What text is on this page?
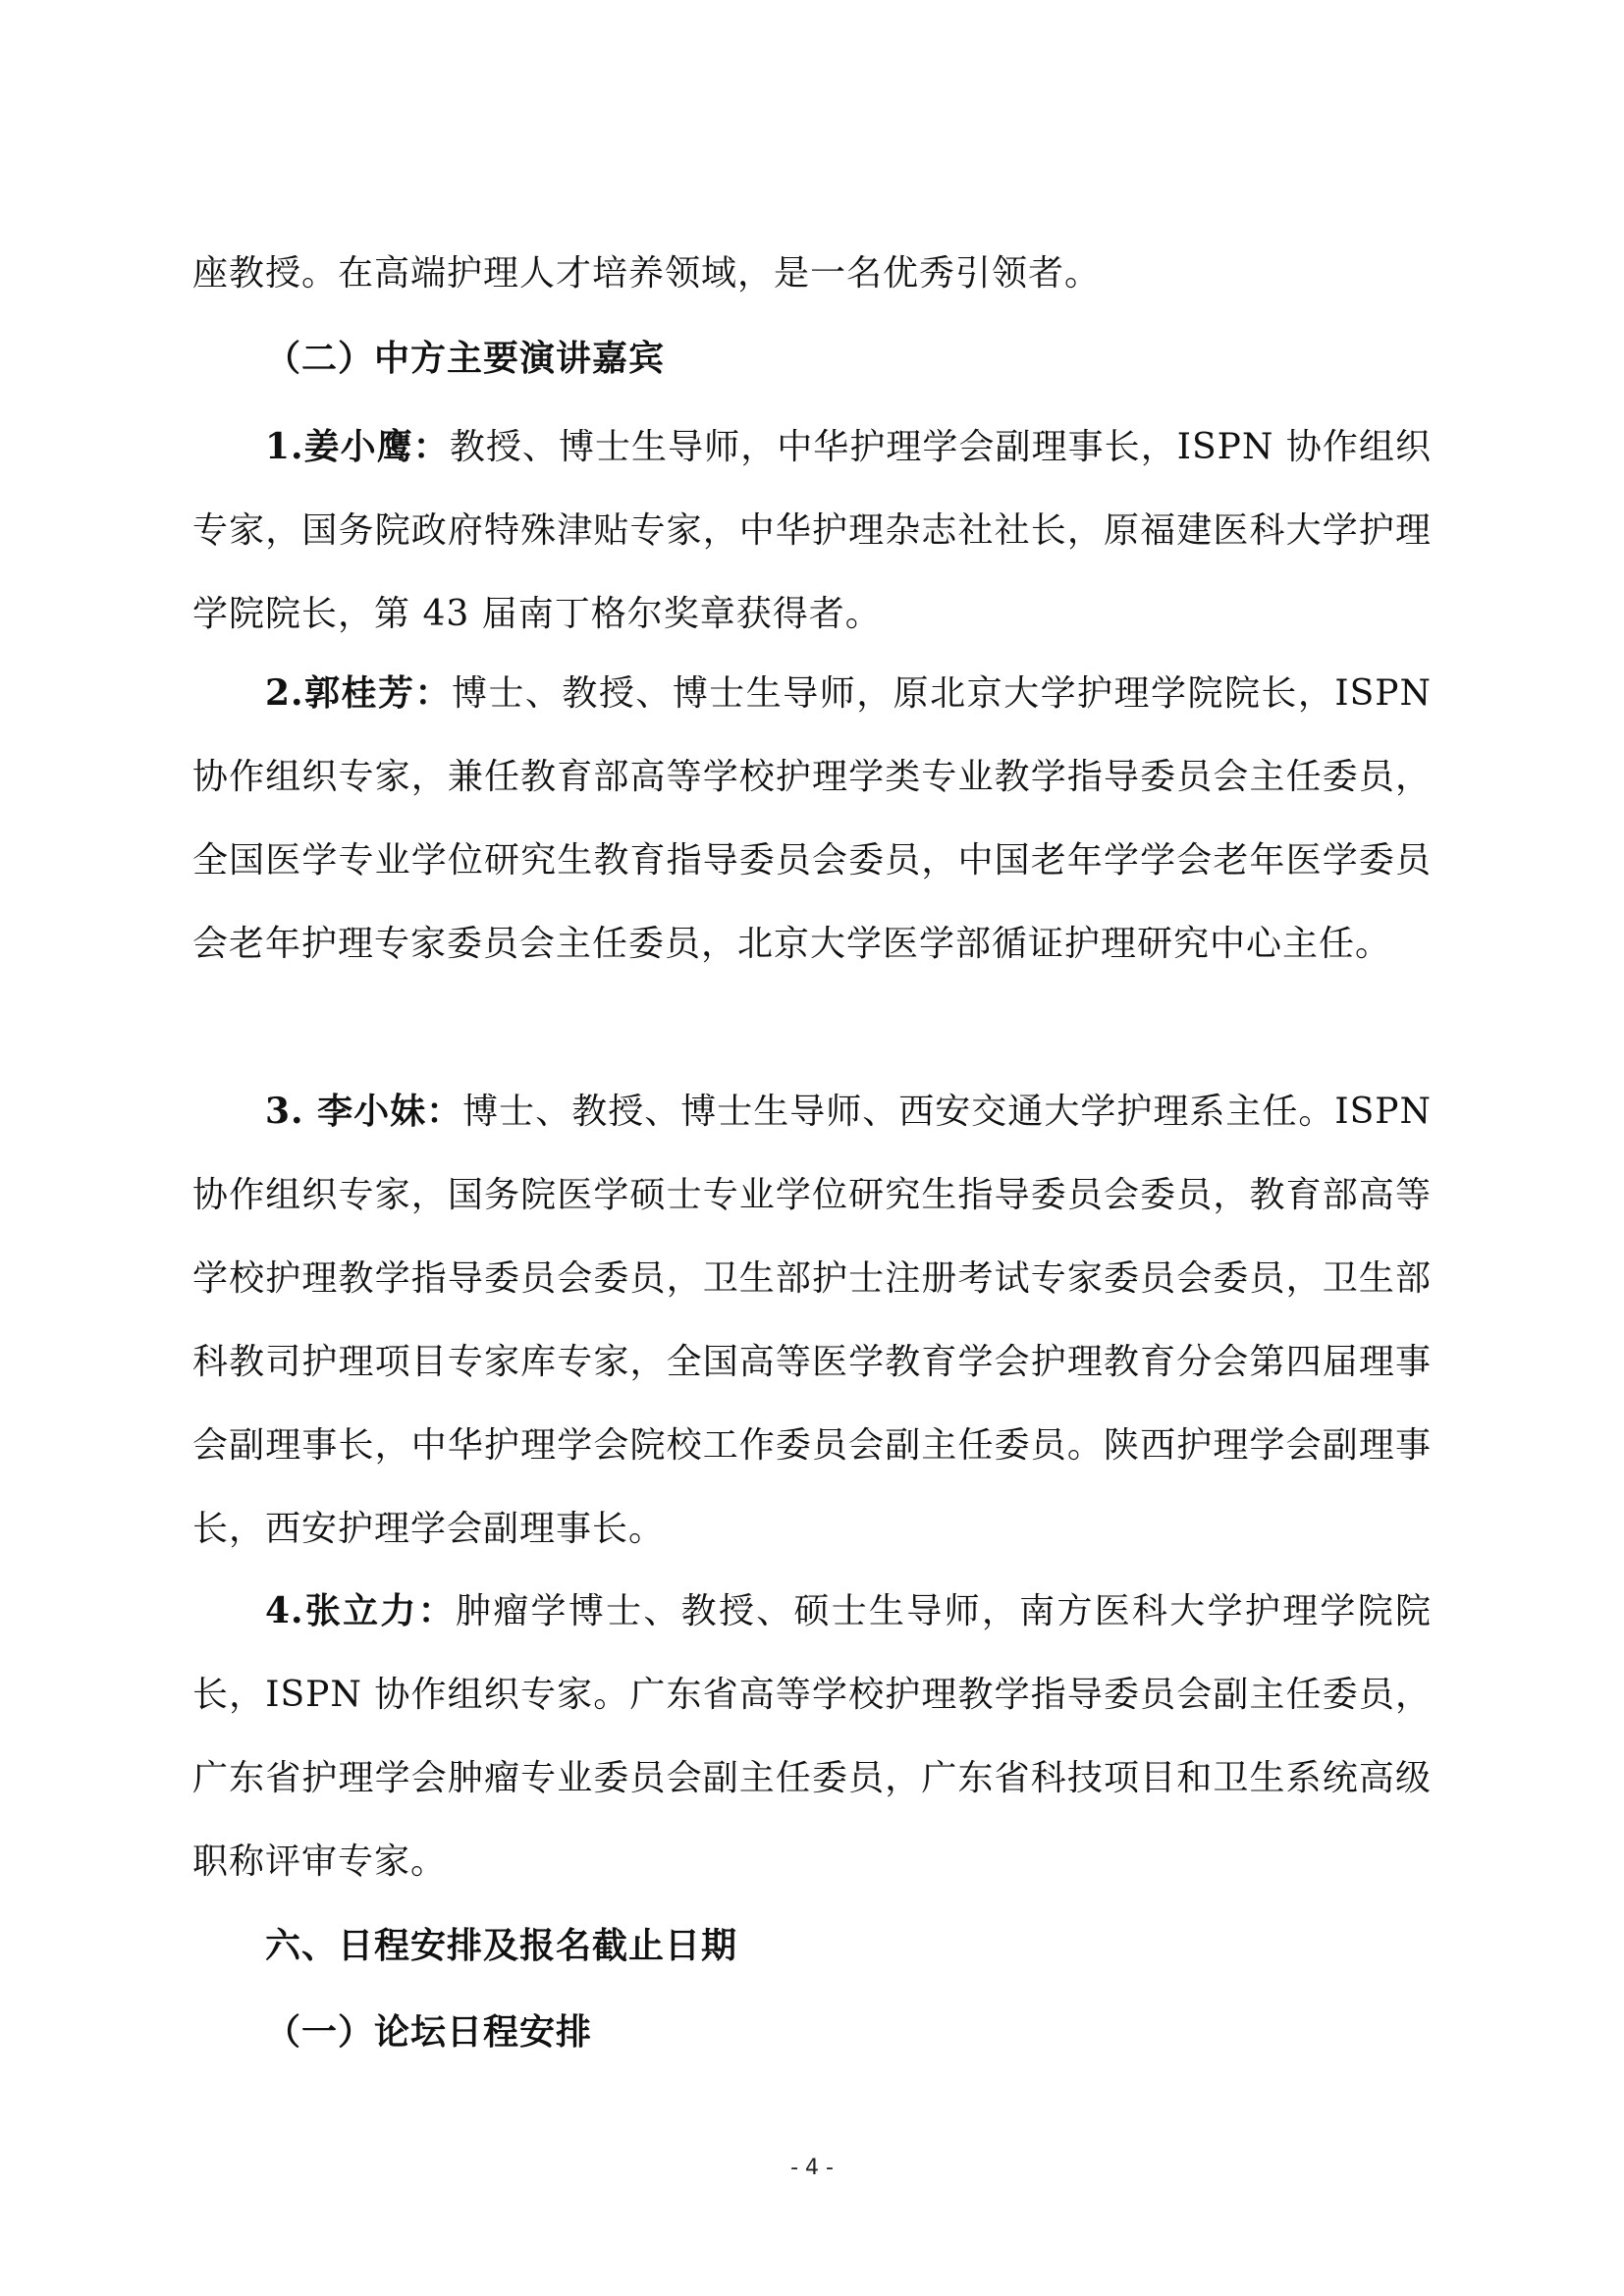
座教授。在高端护理人才培养领域，是一名优秀引领者。
（二）中方主要演讲嘉宾
1.姜小鹰：教授、博士生导师，中华护理学会副理事长，ISPN 协作组织专家，国务院政府特殊津贴专家，中华护理杂志社社长，原福建医科大学护理学院院长，第 43 届南丁格尔奖章获得者。
2.郭桂芳：博士、教授、博士生导师，原北京大学护理学院院长，ISPN 协作组织专家，兼任教育部高等学校护理学类专业教学指导委员会主任委员，全国医学专业学位研究生教育指导委员会委员，中国老年学学会老年医学委员会老年护理专家委员会主任委员，北京大学医学部循证护理研究中心主任。
3. 李小妹：博士、教授、博士生导师、西安交通大学护理系主任。ISPN 协作组织专家，国务院医学硕士专业学位研究生指导委员会委员，教育部高等学校护理教学指导委员会委员，卫生部护士注册考试专家委员会委员，卫生部科教司护理项目专家库专家，全国高等医学教育学会护理教育分会第四届理事会副理事长，中华护理学会院校工作委员会副主任委员。陕西护理学会副理事长，西安护理学会副理事长。
4.张立力：肿瘤学博士、教授、硕士生导师，南方医科大学护理学院院长，ISPN 协作组织专家。广东省高等学校护理教学指导委员会副主任委员，广东省护理学会肿瘤专业委员会副主任委员，广东省科技项目和卫生系统高级职称评审专家。
六、日程安排及报名截止日期
（一）论坛日程安排
- 4 -
